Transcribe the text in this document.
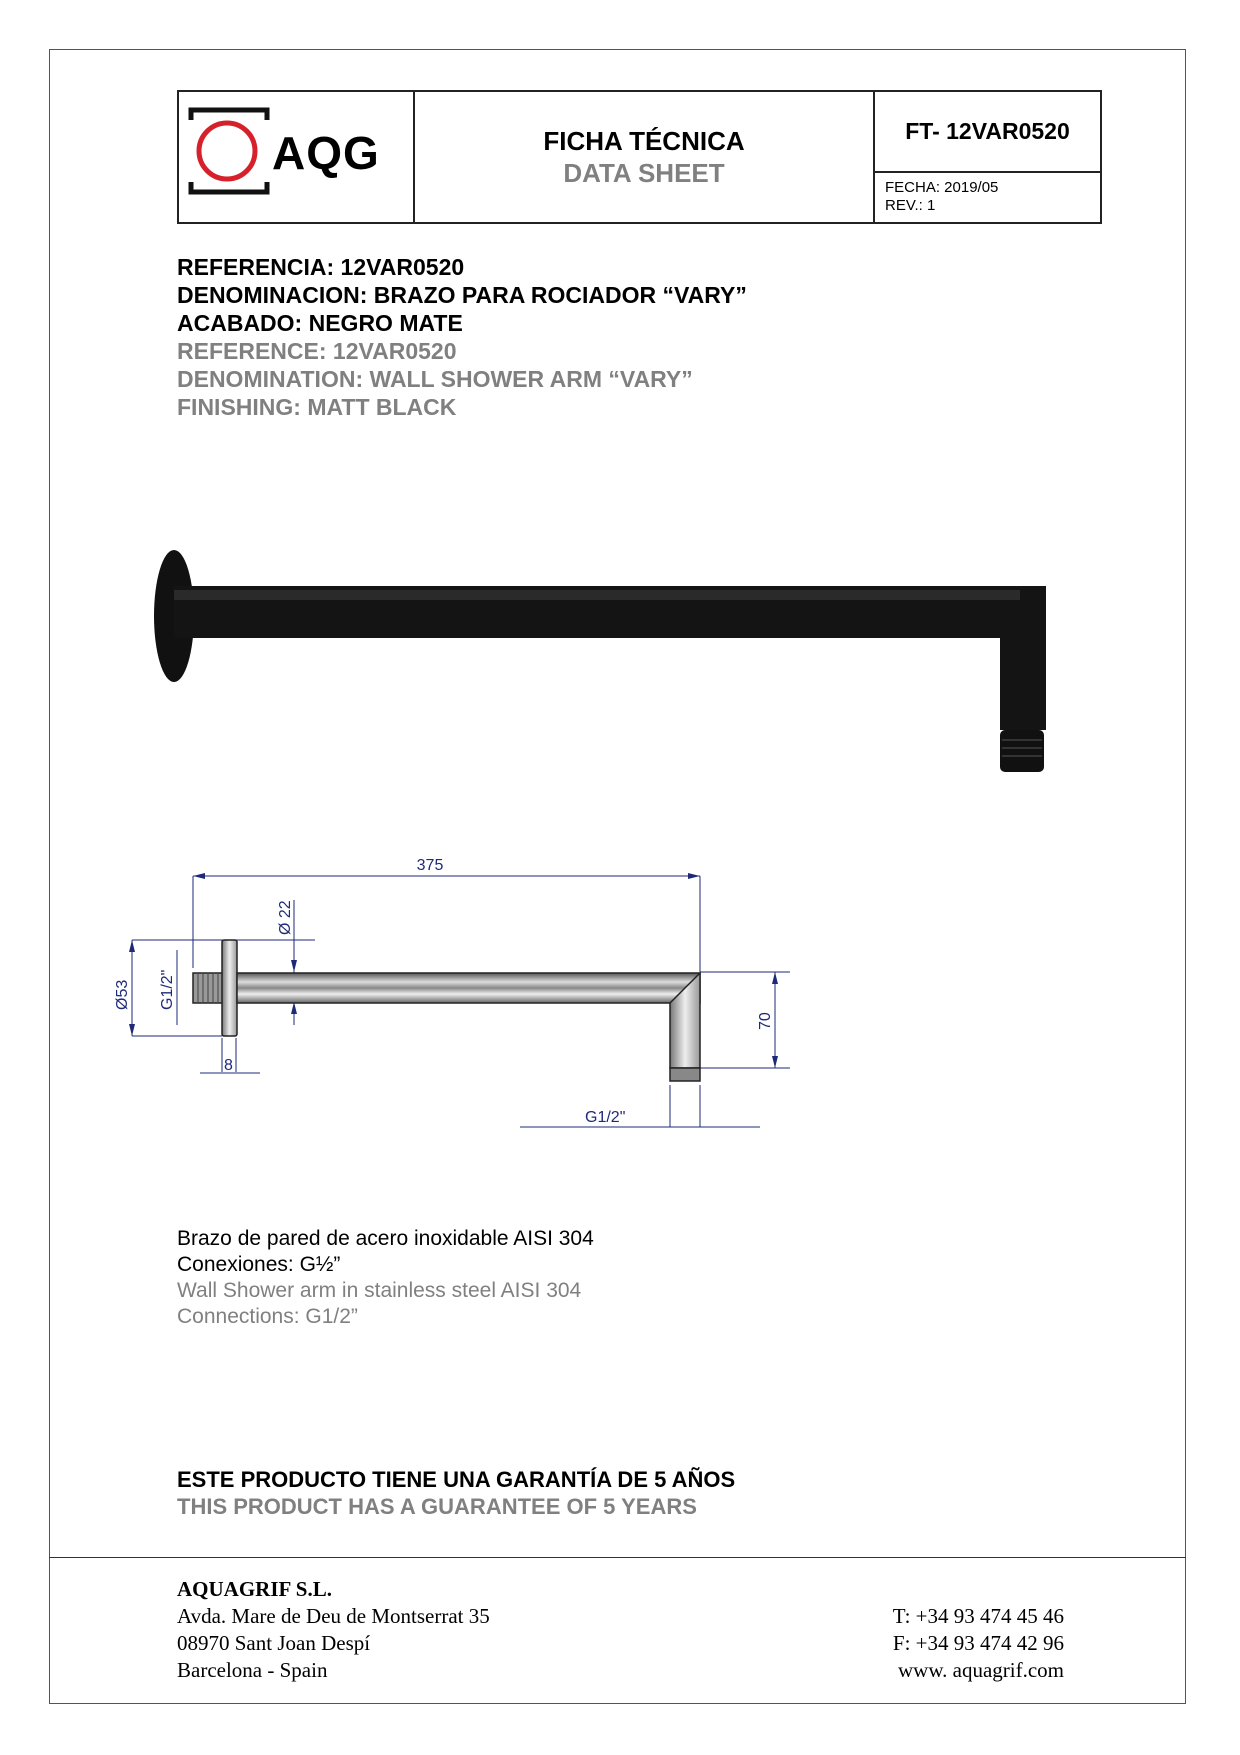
AQG	FICHA TÉCNICA
DATA SHEET
FT- 12VAR0520
FECHA: 2019/05
REV.: 1
REFERENCIA: 12VAR0520
DENOMINACION: BRAZO PARA ROCIADOR “VARY”
ACABADO: NEGRO MATE
REFERENCE: 12VAR0520
DENOMINATION: WALL SHOWER ARM “VARY”
FINISHING: MATT BLACK
375
Ø 22
Ø53 G1/2"
8
70
G1/2"
Brazo de pared de acero inoxidable AISI 304
Conexiones: G½”
Wall Shower arm in stainless steel AISI 304
Connections: G1/2”
ESTE PRODUCTO TIENE UNA GARANTÍA DE 5 AÑOS
THIS PRODUCT HAS A GUARANTEE OF 5 YEARS
AQUAGRIF S.L.
Avda. Mare de Deu de Montserrat 35
08970 Sant Joan Despí
Barcelona - Spain
T: +34 93 474 45 46
F: +34 93 474 42 96
www. aquagrif.com
